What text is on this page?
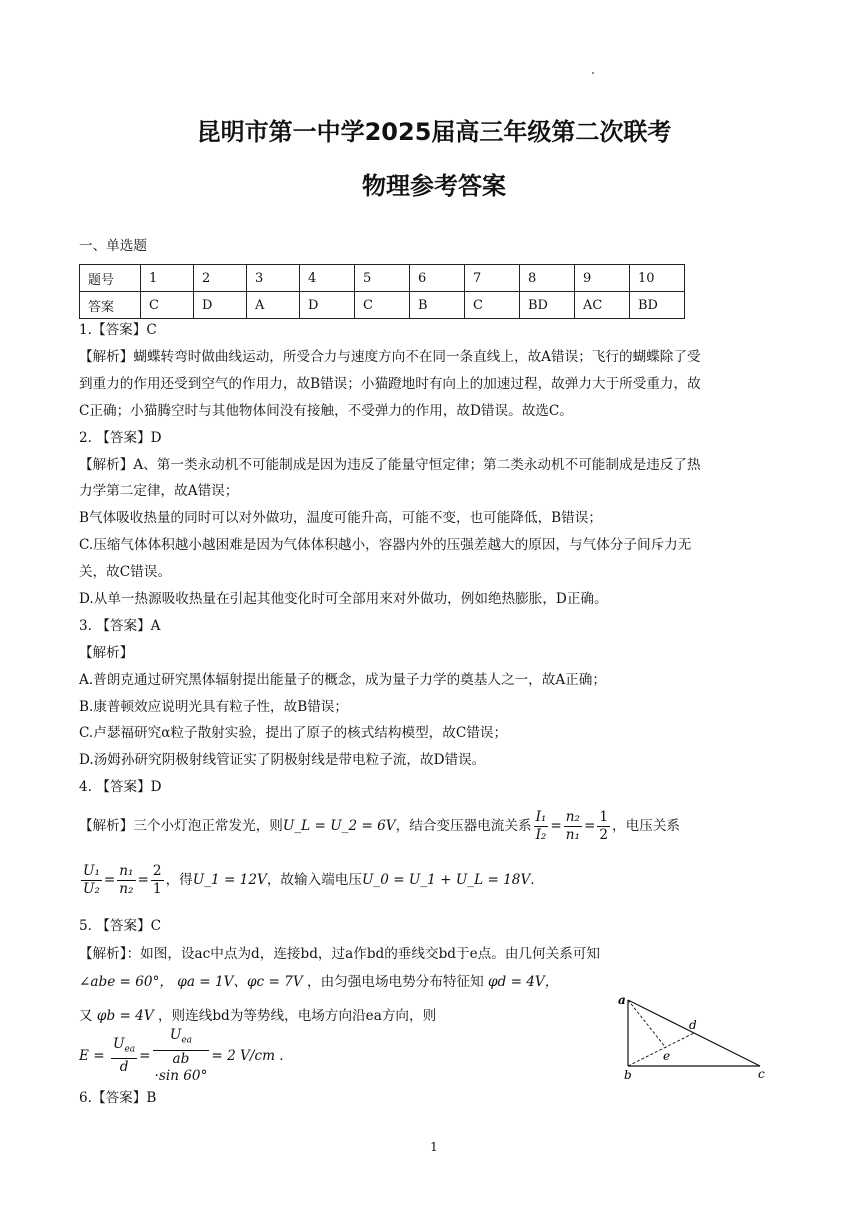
昆明市第一中学2025届高三年级第二次联考
物理参考答案
一、单选题
题号	1	2	3	4	5	6	7	8	9	10
答案	C	D	A	D	C	B	C	BD	AC	BD
1.【答案】C
【解析】蝴蝶转弯时做曲线运动，所受合力与速度方向不在同一条直线上，故A错误；飞行的蝴蝶除了受
到重力的作用还受到空气的作用力，故B错误；小猫蹬地时有向上的加速过程，故弹力大于所受重力，故
C正确；小猫腾空时与其他物体间没有接触，不受弹力的作用，故D错误。故选C。
2. 【答案】D
【解析】A、第一类永动机不可能制成是因为违反了能量守恒定律；第二类永动机不可能制成是违反了热
力学第二定律，故A错误；
B气体吸收热量的同时可以对外做功，温度可能升高，可能不变，也可能降低，B错误；
C.压缩气体体积越小越困难是因为气体体积越小，容器内外的压强差越大的原因，与气体分子间斥力无
关，故C错误。
D.从单一热源吸收热量在引起其他变化时可全部用来对外做功，例如绝热膨胀，D正确。
3. 【答案】A
【解析】
A.普朗克通过研究黑体辐射提出能量子的概念，成为量子力学的奠基人之一，故A正确；
B.康普顿效应说明光具有粒子性，故B错误；
C.卢瑟福研究α粒子散射实验，提出了原子的核式结构模型，故C错误；
D.汤姆孙研究阴极射线管证实了阴极射线是带电粒子流，故D错误。
4. 【答案】D
【解析】三个小灯泡正常发光，则 U_L = U_2 = 6V ，结合变压器电流关系 $\frac{\text{I₁}}{\text{I₂}} = \frac{\text{n₂}}{\text{n₁}} = \frac{1}{2}$ ，电压关系
$\frac{\text{U₁}}{\text{U₂}} = \frac{\text{n₁}}{\text{n₂}} = \frac{2}{1}$ ，得 U_1 = 12V ，故输入端电压 U_0 = U_1 + U_L = 18V .
5. 【答案】C
【解析】：如图，设ac中点为d，连接bd，过a作bd的垂线交bd于e点。由几何关系可知
∠abe = 60°， φa = 1V、φc = 7V ，由匀强电场电势分布特征知 φd = 4V，
又 φb = 4V ，则连线bd为等势线，电场方向沿ea方向，则
$E = \frac{U_{ea}}{d} = U_{ea}$
$\overline{ab}$
·sin 60° = 2 V/cm .
a
b	c
d
e
6.【答案】B
1
